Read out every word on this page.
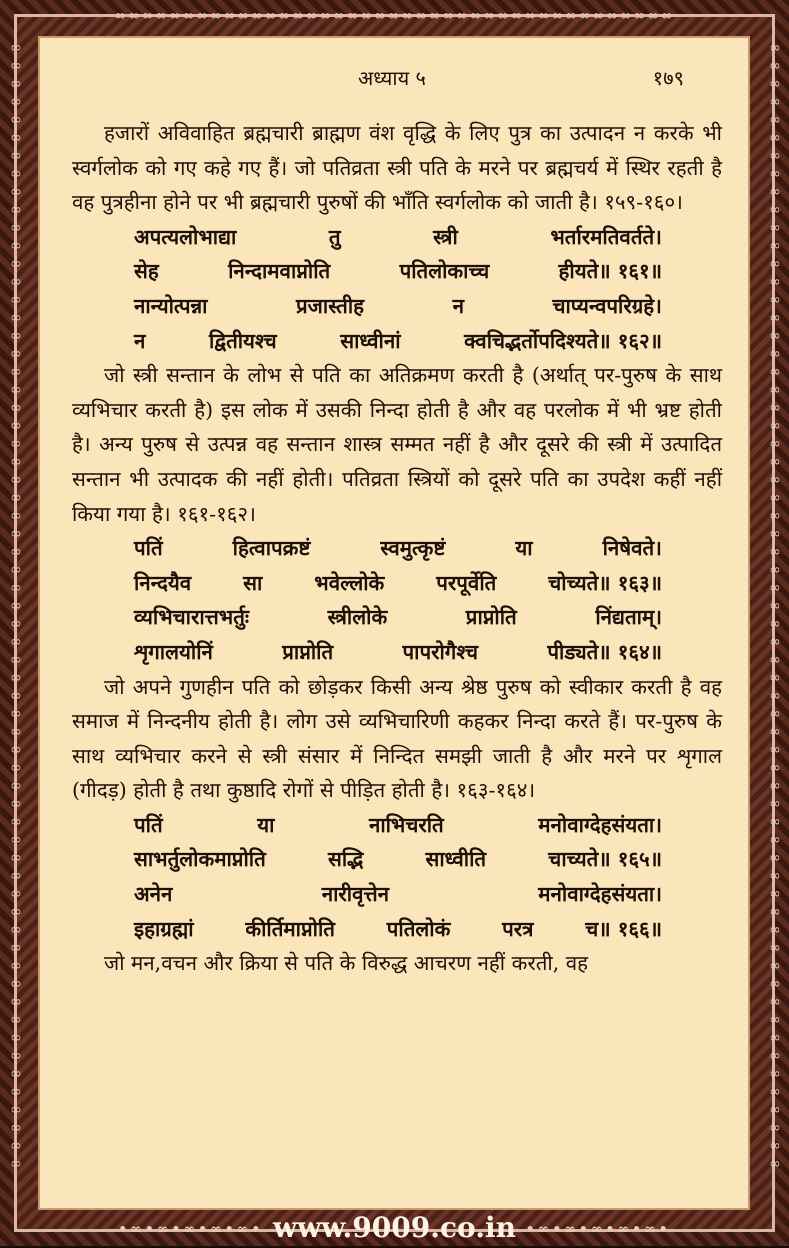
∞∞∞∞∞∞∞∞∞∞∞∞∞∞∞∞∞∞∞∞∞∞∞∞∞∞∞∞∞∞∞∞∞∞∞∞∞∞∞∞∞
∞∞∞∞∞∞∞∞∞∞∞∞∞∞∞∞∞∞∞∞∞∞∞∞∞∞∞∞∞∞∞∞∞∞∞∞∞∞∞∞∞∞∞∞∞∞∞∞∞∞∞∞∞∞∞∞∞∞∞∞∞∞∞	∞∞∞∞∞∞∞∞∞∞∞∞∞∞∞∞∞∞∞∞∞∞∞∞∞∞∞∞∞∞∞∞∞∞∞∞∞∞∞∞∞∞∞∞∞∞∞∞∞∞∞∞∞∞∞∞∞∞∞∞∞∞∞
अध्याय ५	१७९

हजारों अविवाहित ब्रह्मचारी ब्राह्मण वंश वृद्धि के लिए पुत्र का उत्पादन न करके भी स्वर्गलोक को गए कहे गए हैं। जो पतिव्रता स्त्री पति के मरने पर ब्रह्मचर्य में स्थिर रहती है वह पुत्रहीना होने पर भी ब्रह्मचारी पुरुषों की भाँति स्वर्गलोक को जाती है। १५९-१६०।

अपत्यलोभाद्या	तु	स्त्री	भर्तारमतिवर्तते।
सेह	निन्दामवाप्नोति	पतिलोकाच्च	हीयते॥ १६१॥
नान्योत्पन्ना	प्रजास्तीह	न	चाप्यन्वपरिग्रहे।
न	द्वितीयश्च	साध्वीनां	क्वचिद्भर्तोपदिश्यते॥ १६२॥

जो स्त्री सन्तान के लोभ से पति का अतिक्रमण करती है (अर्थात् पर-पुरुष के साथ व्यभिचार करती है) इस लोक में उसकी निन्दा होती है और वह परलोक में भी भ्रष्ट होती है। अन्य पुरुष से उत्पन्न वह सन्तान शास्त्र सम्मत नहीं है और दूसरे की स्त्री में उत्पादित सन्तान भी उत्पादक की नहीं होती। पतिव्रता स्त्रियों को दूसरे पति का उपदेश कहीं नहीं किया गया है। १६१-१६२।

पतिं	हित्वापक्रष्टं	स्वमुत्कृष्टं	या	निषेवते।
निन्दयैव	सा	भवेल्लोके	परपूर्वेति	चोच्यते॥ १६३॥
व्यभिचारात्तभर्तुः	स्त्रीलोके	प्राप्नोति	निंद्यताम्।
शृगालयोनिं	प्राप्नोति	पापरोगैश्च	पीड्यते॥ १६४॥

जो अपने गुणहीन पति को छोड़कर किसी अन्य श्रेष्ठ पुरुष को स्वीकार करती है वह समाज में निन्दनीय होती है। लोग उसे व्यभिचारिणी कहकर निन्दा करते हैं। पर-पुरुष के साथ व्यभिचार करने से स्त्री संसार में निन्दित समझी जाती है और मरने पर शृगाल (गीदड़) होती है तथा कुष्ठादि रोगों से पीड़ित होती है। १६३-१६४।

पतिं	या	नाभिचरति	मनोवाग्देहसंयता।
साभर्तुलोकमाप्नोति	सद्भि	साध्वीति	चाच्यते॥ १६५॥
अनेन	नारीवृत्तेन	मनोवाग्देहसंयता।
इहाग्रह्मां	कीर्तिमाप्नोति	पतिलोकं	परत्र	च॥ १६६॥

जो मन,वचन और क्रिया से पति के विरुद्ध आचरण नहीं करती, वह

•∞•∞•∞•∞•∞• www.9009.co.in •∞•∞•∞•∞•∞•
